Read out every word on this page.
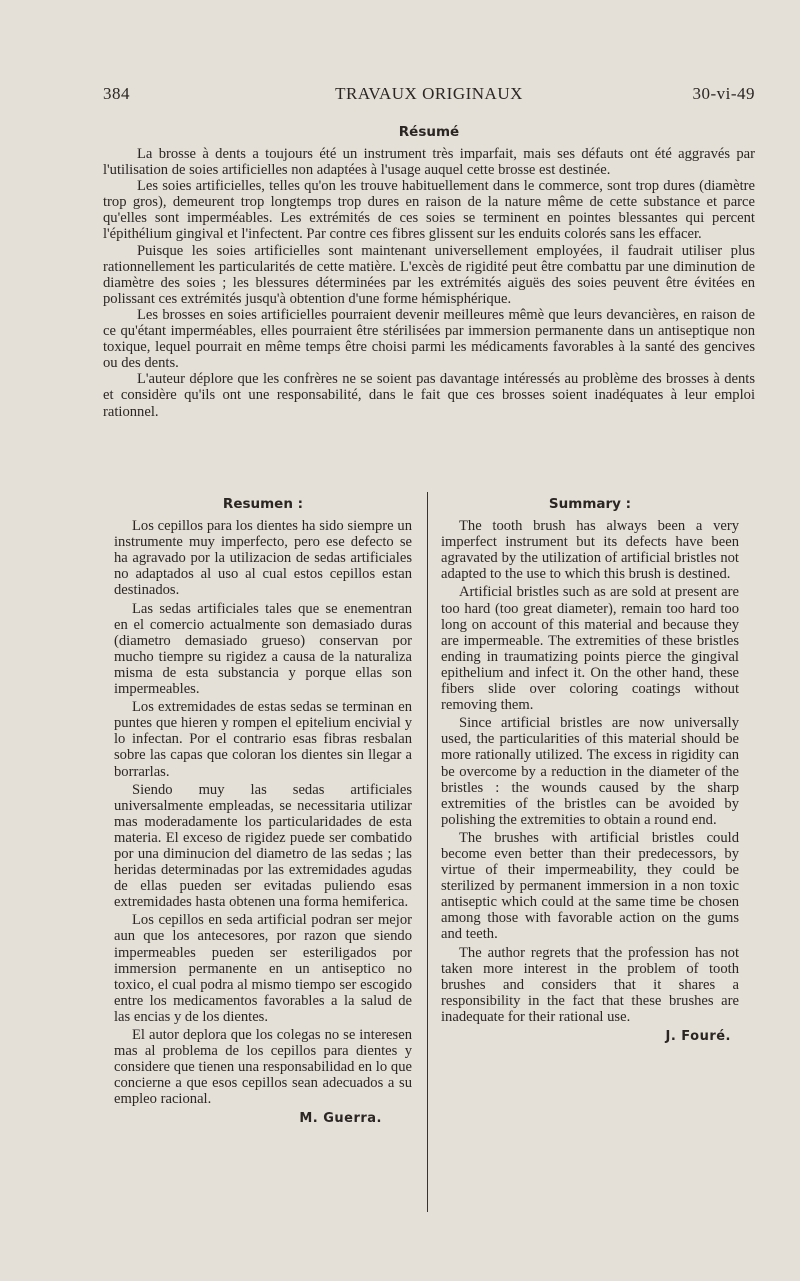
TRAVAUX ORIGINAUX
384	30-vi-49
Résumé

La brosse à dents a toujours été un instrument très imparfait, mais ses défauts ont été aggravés par l'utilisation de soies artificielles non adaptées à l'usage auquel cette brosse est destinée.

Les soies artificielles, telles qu'on les trouve habituellement dans le commerce, sont trop dures (diamètre trop gros), demeurent trop longtemps trop dures en raison de la nature même de cette substance et parce qu'elles sont imperméables. Les extrémités de ces soies se terminent en pointes blessantes qui percent l'épithélium gingival et l'infectent. Par contre ces fibres glissent sur les enduits colorés sans les effacer.

Puisque les soies artificielles sont maintenant universellement employées, il faudrait utiliser plus rationnellement les particularités de cette matière. L'excès de rigidité peut être combattu par une diminution de diamètre des soies ; les blessures déterminées par les extrémités aiguës des soies peuvent être évitées en polissant ces extrémités jusqu'à obtention d'une forme hémisphérique.

Les brosses en soies artificielles pourraient devenir meilleures mêmè que leurs devancières, en raison de ce qu'étant imperméables, elles pourraient être stérilisées par immersion permanente dans un antiseptique non toxique, lequel pourrait en même temps être choisi parmi les médicaments favorables à la santé des gencives ou des dents.

L'auteur déplore que les confrères ne se soient pas davantage intéressés au problème des brosses à dents et considère qu'ils ont une responsabilité, dans le fait que ces brosses soient inadéquates à leur emploi rationnel.

Resumen :

Los cepillos para los dientes ha sido siempre un instrumente muy imperfecto, pero ese defecto se ha agravado por la utilizacion de sedas artificiales no adaptados al uso al cual estos cepillos estan destinados.

Las sedas artificiales tales que se enementran en el comercio actualmente son demasiado duras (diametro demasiado grueso) conservan por mucho tiempre su rigidez a causa de la naturaliza misma de esta substancia y porque ellas son impermeables.

Los extremidades de estas sedas se terminan en puntes que hieren y rompen el epitelium encivial y lo infectan. Por el contrario esas fibras resbalan sobre las capas que coloran los dientes sin llegar a borrarlas.

Siendo muy las sedas artificiales universalmente empleadas, se necessitaria utilizar mas moderadamente los particularidades de esta materia. El exceso de rigidez puede ser combatido por una diminucion del diametro de las sedas ; las heridas determinadas por las extremidades agudas de ellas pueden ser evitadas puliendo esas extremidades hasta obtenen una forma hemiferica.

Los cepillos en seda artificial podran ser mejor aun que los antecesores, por razon que siendo impermeables pueden ser esteriligados por immersion permanente en un antiseptico no toxico, el cual podra al mismo tiempo ser escogido entre los medicamentos favorables a la salud de las encias y de los dientes.

El autor deplora que los colegas no se interesen mas al problema de los cepillos para dientes y considere que tienen una responsabilidad en lo que concierne a que esos cepillos sean adecuados a su empleo racional.

M. Guerra.
Summary :

The tooth brush has always been a very imperfect instrument but its defects have been agravated by the utilization of artificial bristles not adapted to the use to which this brush is destined.

Artificial bristles such as are sold at present are too hard (too great diameter), remain too hard too long on account of this material and because they are impermeable. The extremities of these bristles ending in traumatizing points pierce the gingival epithelium and infect it. On the other hand, these fibers slide over coloring coatings without removing them.

Since artificial bristles are now universally used, the particularities of this material should be more rationally utilized. The excess in rigidity can be overcome by a reduction in the diameter of the bristles : the wounds caused by the sharp extremities of the bristles can be avoided by polishing the extremities to obtain a round end.

The brushes with artificial bristles could become even better than their predecessors, by virtue of their impermeability, they could be sterilized by permanent immersion in a non toxic antiseptic which could at the same time be chosen among those with favorable action on the gums and teeth.

The author regrets that the profession has not taken more interest in the problem of tooth brushes and considers that it shares a responsibility in the fact that these brushes are inadequate for their rational use.

J. Fouré.
